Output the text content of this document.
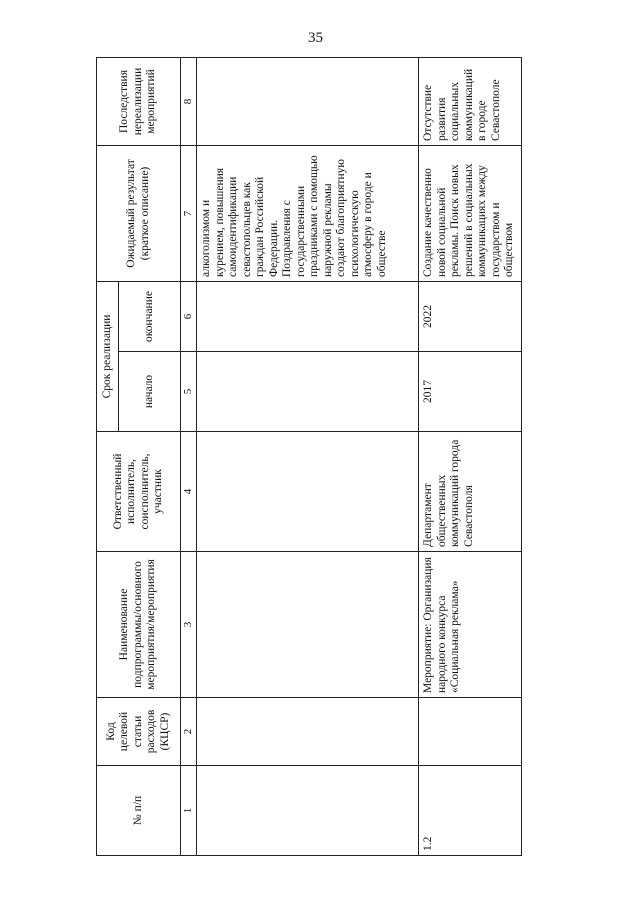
35
№ п/п	Код целевой статьи расходов (КЦСР)	Наименование подпрограммы/основного мероприятия/мероприятия	Ответственный исполнитель, соисполнитель, участник	Срок реализации		Ожидаемый результат (краткое описание)	Последствия нереализации мероприятий
				начало	окончание		
1	2	3	4	5	6	7	8
						алкоголизмом и курением, повышения самоидентификации севастопольцев как граждан Российской Федерации. Поздравления с государственными праздниками с помощью наружной рекламы создают благоприятную психологическую атмосферу в городе и обществе	
1.2		Мероприятие: Организация народного конкурса «Социальная реклама»	Департамент общественных коммуникаций города Севастополя	2017	2022	Создание качественно новой социальной рекламы. Поиск новых решений в социальных коммуникациях между государством и обществом	Отсутствие развития социальных коммуникаций в городе Севастополе
